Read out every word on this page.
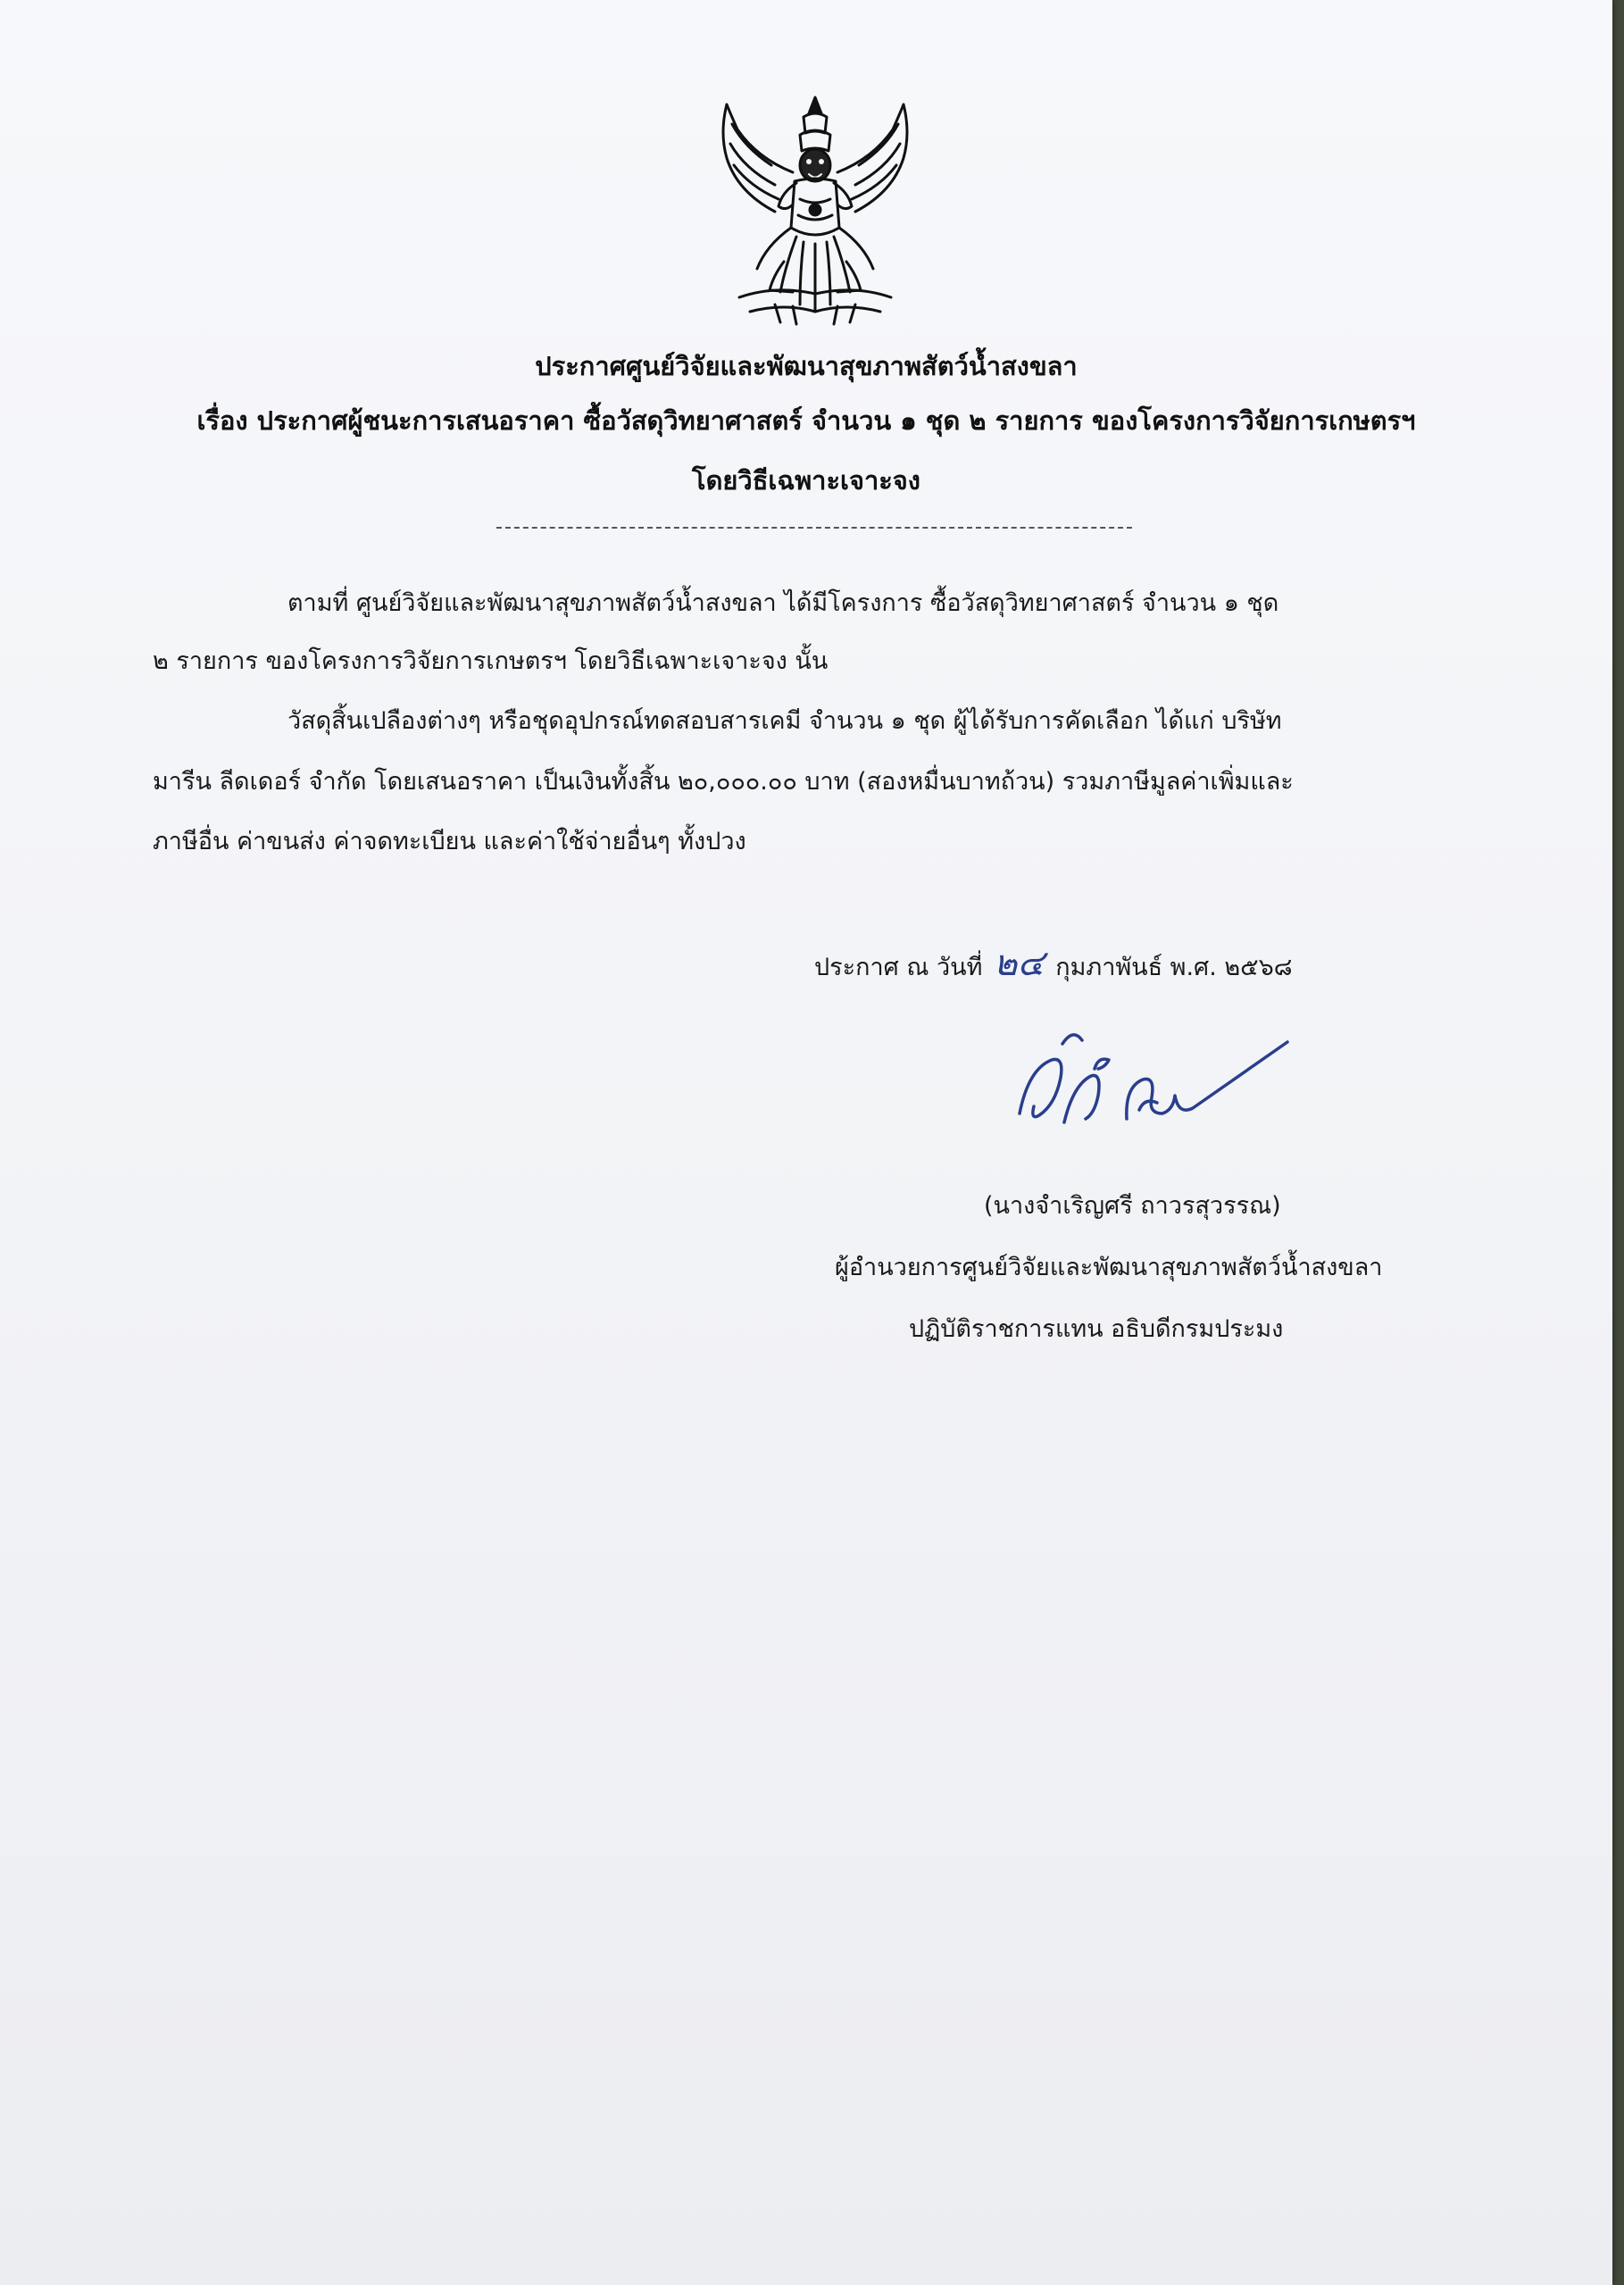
ประกาศศูนย์วิจัยและพัฒนาสุขภาพสัตว์น้ำสงขลา
เรื่อง ประกาศผู้ชนะการเสนอราคา ซื้อวัสดุวิทยาศาสตร์ จำนวน ๑ ชุด ๒ รายการ ของโครงการวิจัยการเกษตรฯ
โดยวิธีเฉพาะเจาะจง
ตามที่ ศูนย์วิจัยและพัฒนาสุขภาพสัตว์น้ำสงขลา ได้มีโครงการ ซื้อวัสดุวิทยาศาสตร์ จำนวน ๑ ชุด
๒ รายการ ของโครงการวิจัยการเกษตรฯ โดยวิธีเฉพาะเจาะจง นั้น
วัสดุสิ้นเปลืองต่างๆ หรือชุดอุปกรณ์ทดสอบสารเคมี จำนวน ๑ ชุด ผู้ได้รับการคัดเลือก ได้แก่ บริษัท
มารีน ลีดเดอร์ จำกัด โดยเสนอราคา เป็นเงินทั้งสิ้น ๒๐,๐๐๐.๐๐ บาท (สองหมื่นบาทถ้วน) รวมภาษีมูลค่าเพิ่มและ
ภาษีอื่น ค่าขนส่ง ค่าจดทะเบียน และค่าใช้จ่ายอื่นๆ ทั้งปวง
ประกาศ ณ วันที่ ๒๔ กุมภาพันธ์ พ.ศ. ๒๕๖๘
(นางจำเริญศรี ถาวรสุวรรณ)
ผู้อำนวยการศูนย์วิจัยและพัฒนาสุขภาพสัตว์น้ำสงขลา
ปฏิบัติราชการแทน อธิบดีกรมประมง
